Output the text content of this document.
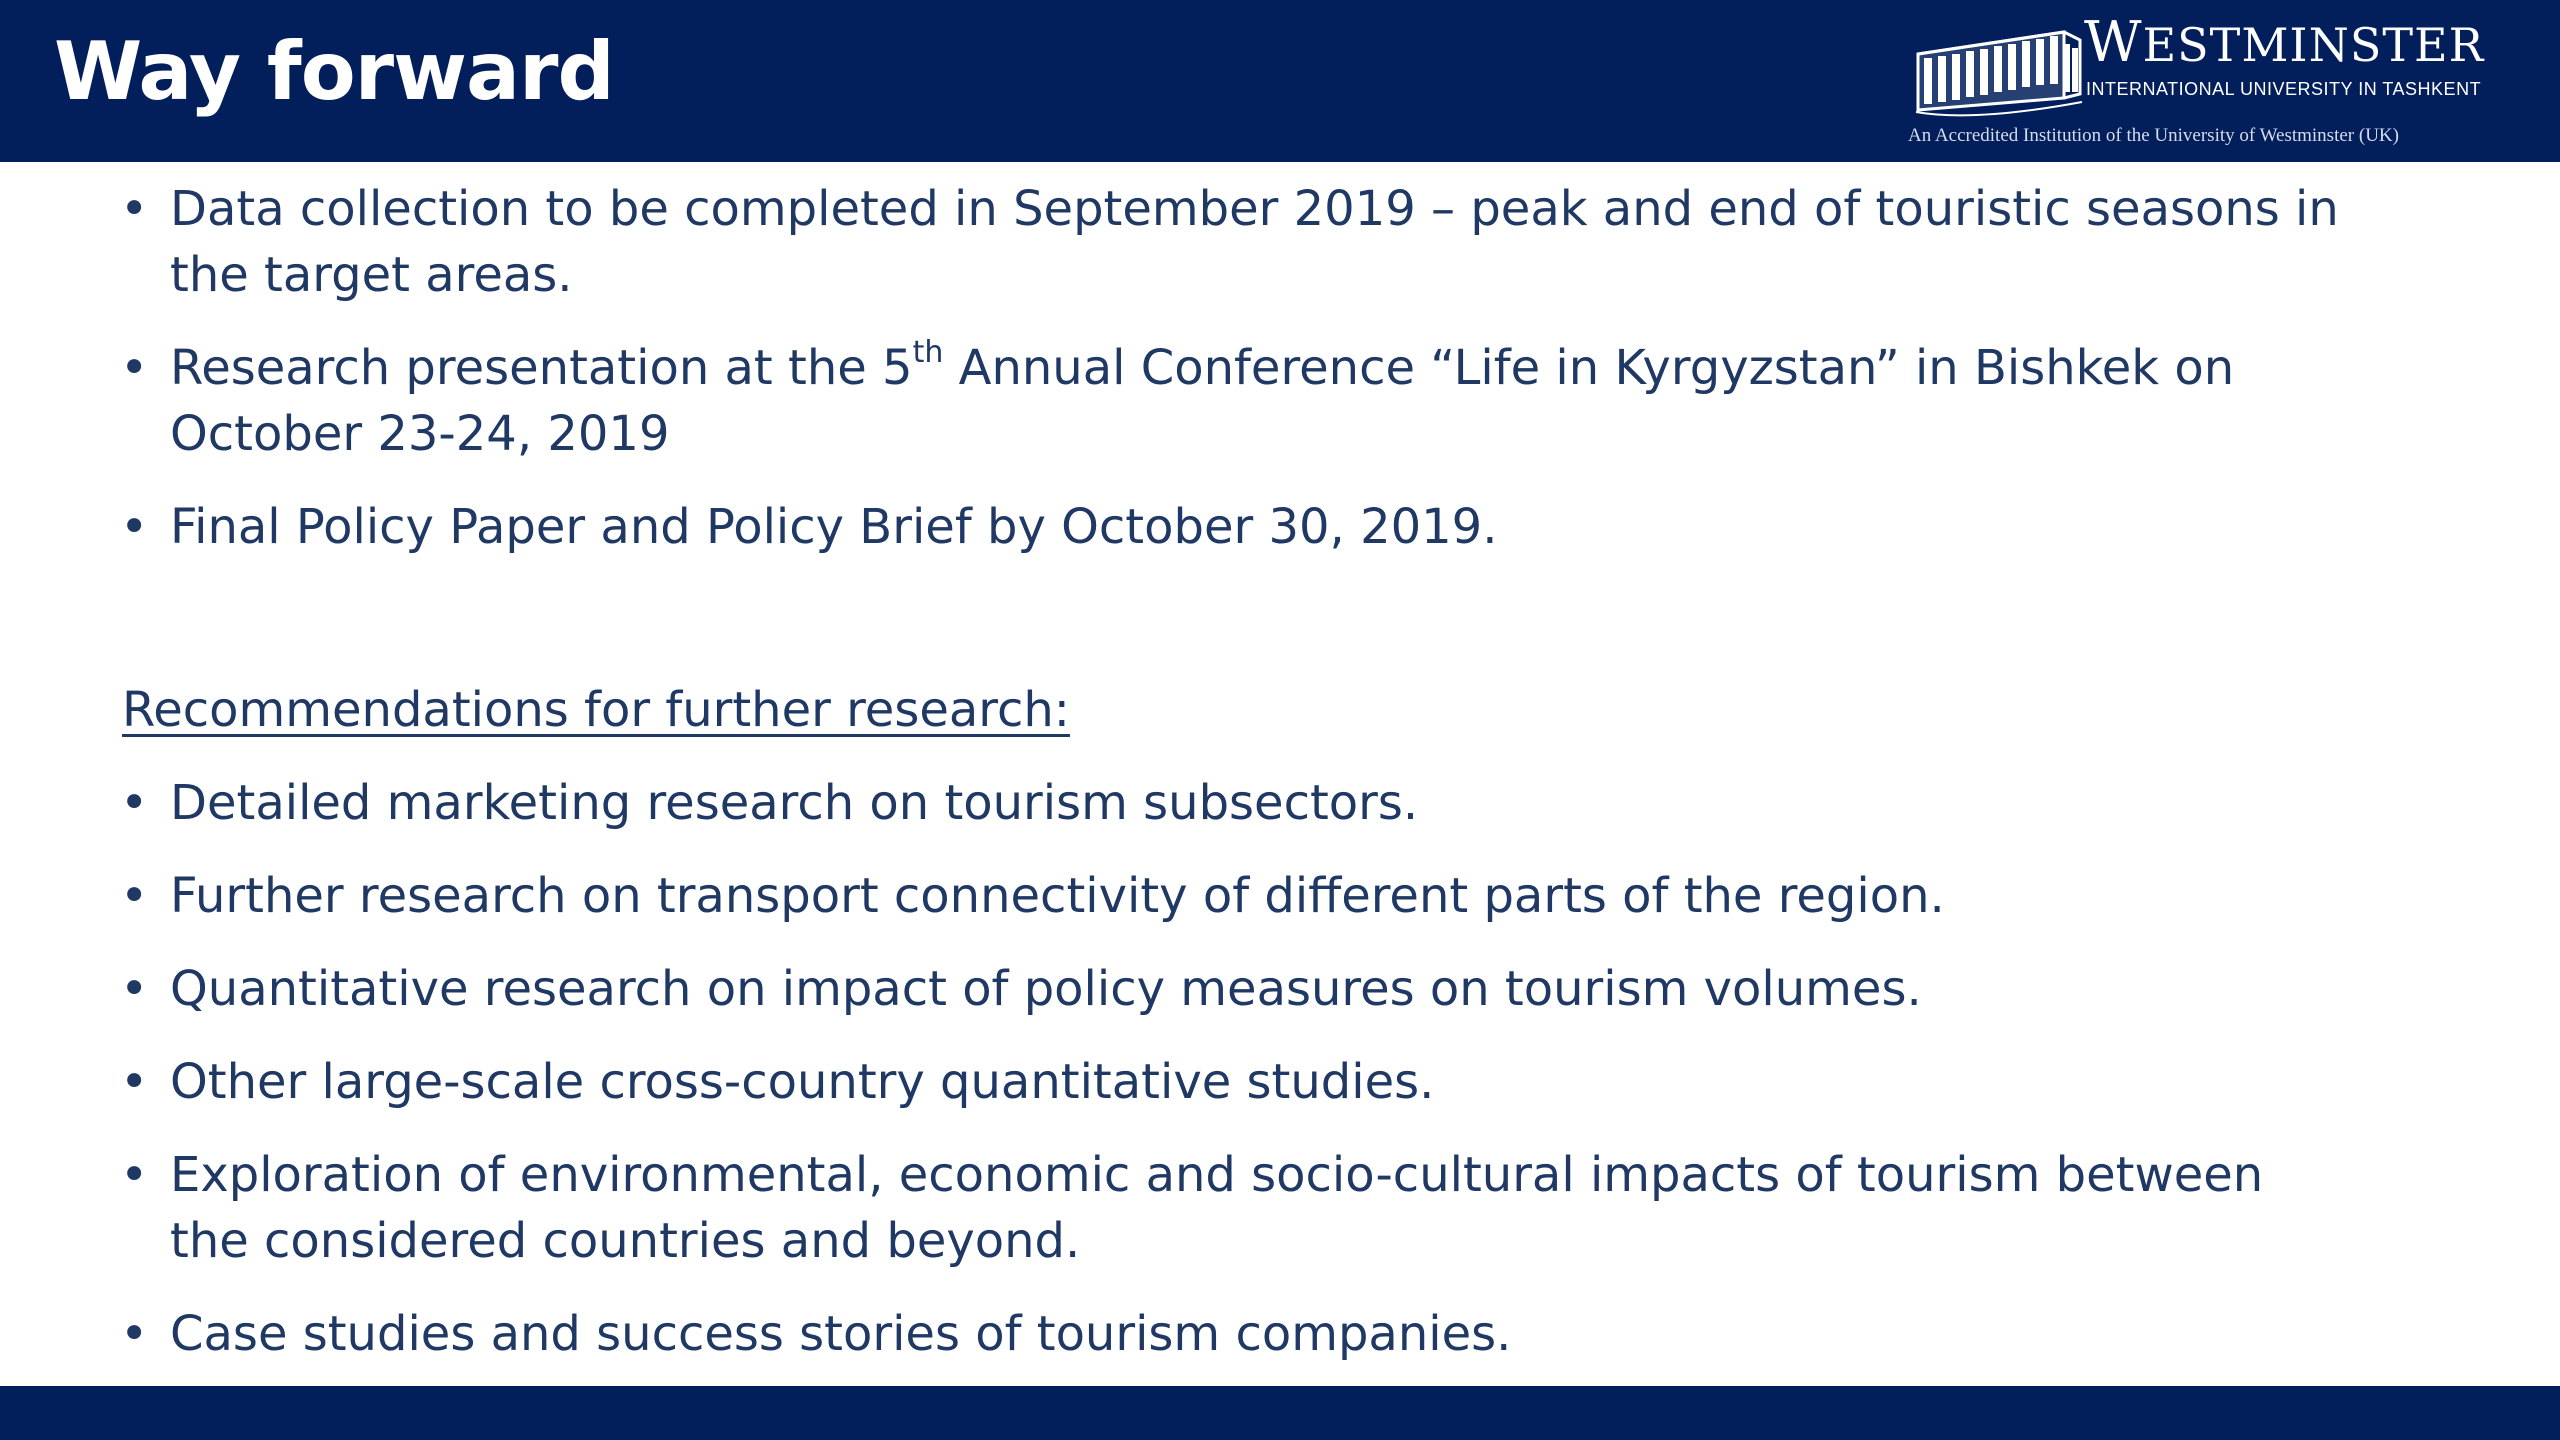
Way forward	WESTMINSTER
INTERNATIONAL UNIVERSITY IN TASHKENT
An Accredited Institution of the University of Westminster (UK)
• Data collection to be completed in September 2019 – peak and end of touristic seasons in
the target areas.
• Research presentation at the 5th Annual Conference “Life in Kyrgyzstan” in Bishkek on
October 23-24, 2019
• Final Policy Paper and Policy Brief by October 30, 2019.
Recommendations for further research:
• Detailed marketing research on tourism subsectors.
• Further research on transport connectivity of different parts of the region.
• Quantitative research on impact of policy measures on tourism volumes.
• Other large-scale cross-country quantitative studies.
• Exploration of environmental, economic and socio-cultural impacts of tourism between
the considered countries and beyond.
• Case studies and success stories of tourism companies.
